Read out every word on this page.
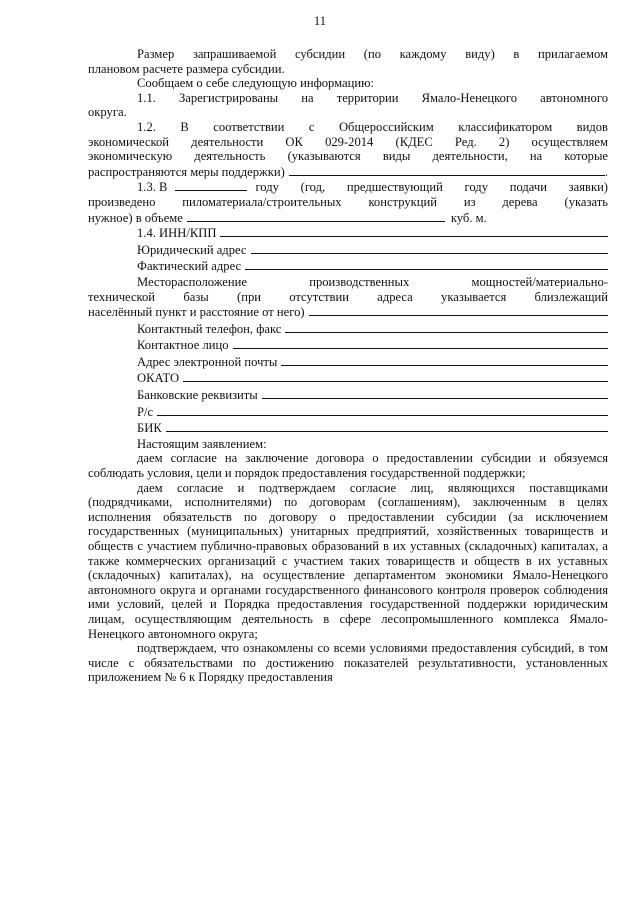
11

Размер запрашиваемой субсидии (по каждому виду) в прилагаемом

плановом расчете размера субсидии.

Сообщаем о себе следующую информацию:

1.1. Зарегистрированы на территории Ямало-Ненецкого автономного

округа.

1.2. В соответствии с Общероссийским классификатором видов

экономической деятельности ОК 029-2014 (КДЕС Ред. 2) осуществляем

экономическую деятельность (указываются виды деятельности, на которые

распространяются меры поддержки)	.
1.3. В	году (год, предшествующий году подачи заявки)

произведено пиломатериала/строительных конструкций из дерева (указать

нужное) в объеме	куб. м.
1.4. ИНН/КПП
Юридический адрес
Фактический адрес

Месторасположение производственных мощностей/материально-

технической базы (при отсутствии адреса указывается близлежащий

населённый пункт и расстояние от него)
Контактный телефон, факс
Контактное лицо
Адрес электронной почты
ОКАТО
Банковские реквизиты
Р/с
БИК

Настоящим заявлением:

даем согласие на заключение договора о предоставлении субсидии и обязуемся соблюдать условия, цели и порядок предоставления государственной поддержки;

даем согласие и подтверждаем согласие лиц, являющихся поставщиками (подрядчиками, исполнителями) по договорам (соглашениям), заключенным в целях исполнения обязательств по договору о предоставлении субсидии (за исключением государственных (муниципальных) унитарных предприятий, хозяйственных товариществ и обществ с участием публично-правовых образований в их уставных (складочных) капиталах, а также коммерческих организаций с участием таких товариществ и обществ в их уставных (складочных) капиталах), на осуществление департаментом экономики Ямало-Ненецкого автономного округа и органами государственного финансового контроля проверок соблюдения ими условий, целей и Порядка предоставления государственной поддержки юридическим лицам, осуществляющим деятельность в сфере лесопромышленного комплекса Ямало-Ненецкого автономного округа;

подтверждаем, что ознакомлены со всеми условиями предоставления субсидий, в том числе с обязательствами по достижению показателей результативности, установленных приложением № 6 к Порядку предоставления
